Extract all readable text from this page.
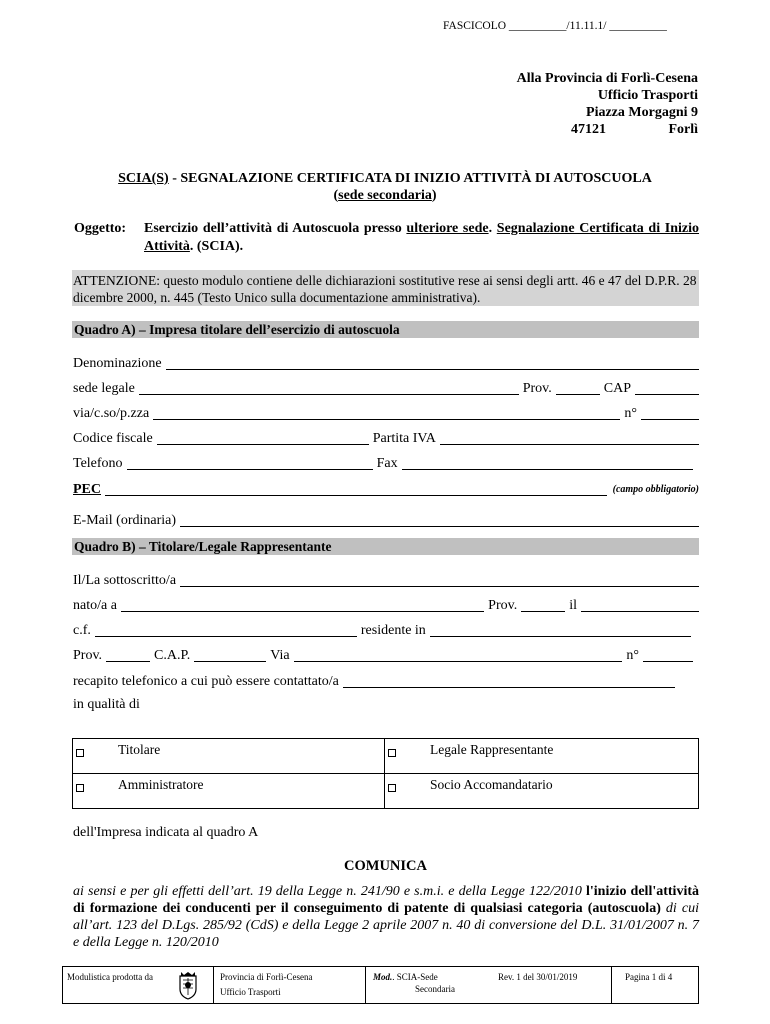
FASCICOLO __________/11.11.1/ __________
Alla Provincia di Forlì-Cesena
Ufficio Trasporti
Piazza Morgagni 9
47121	Forlì
SCIA(S) - SEGNALAZIONE CERTIFICATA DI INIZIO ATTIVITÀ DI AUTOSCUOLA
(sede secondaria)
Oggetto:	Esercizio dell’attività di Autoscuola presso ulteriore sede. Segnalazione Certificata di Inizio Attività. (SCIA).
ATTENZIONE: questo modulo contiene delle dichiarazioni sostitutive rese ai sensi degli artt. 46 e 47 del D.P.R. 28 dicembre 2000, n. 445 (Testo Unico sulla documentazione amministrativa).
Quadro A) – Impresa titolare dell’esercizio di autoscuola
Denominazione
sede legale	Prov.	CAP
via/c.so/p.zza	n°
Codice fiscale	Partita IVA
Telefono	Fax
PEC	(campo obbligatorio)
E-Mail (ordinaria)
Quadro B) – Titolare/Legale Rappresentante
Il/La sottoscritto/a
nato/a a	Prov.	il
c.f.	residente in
Prov.	C.A.P.	Via	n°
recapito telefonico a cui può essere contattato/a
in qualità di
Titolare	Legale Rappresentante
Amministratore	Socio Accomandatario
dell'Impresa indicata al quadro A
COMUNICA
ai sensi e per gli effetti dell’art. 19 della Legge n. 241/90 e s.m.i. e della Legge 122/2010 l'inizio dell'attività di formazione dei conducenti per il conseguimento di patente di qualsiasi categoria (autoscuola) di cui all’art. 123 del D.Lgs. 285/92 (CdS) e della Legge 2 aprile 2007 n. 40 di conversione del D.L. 31/01/2007 n. 7 e della Legge n. 120/2010
Modulistica prodotta da	Provincia di Forlì-Cesena
Ufficio Trasporti
Mod.. SCIA-Sede
Secondaria
Rev. 1 del 30/01/2019	Pagina 1 di 4
